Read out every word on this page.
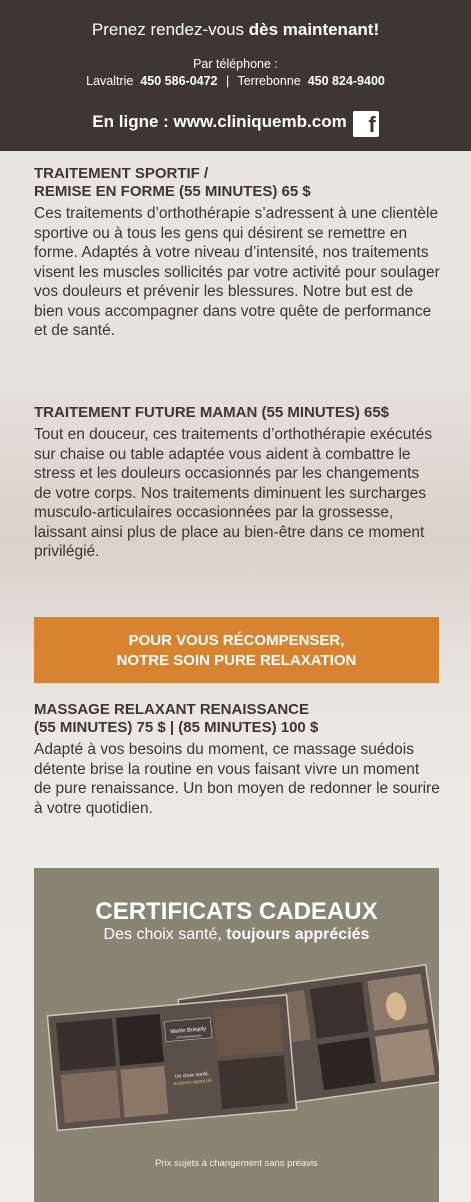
Prenez rendez-vous dès maintenant!
Par téléphone :
Lavaltrie 450 586-0472 | Terrebonne 450 824-9400
En ligne : www.cliniquemb.com f
TRAITEMENT SPORTIF /
REMISE EN FORME (55 MINUTES) 65 $

Ces traitements d’orthothérapie s’adressent à une clientèle sportive ou à tous les gens qui désirent se remettre en forme. Adaptés à votre niveau d’intensité, nos traitements visent les muscles sollicités par votre activité pour soulager vos douleurs et prévenir les blessures. Notre but est de bien vous accompagner dans votre quête de performance et de santé.

TRAITEMENT FUTURE MAMAN (55 MINUTES) 65$

Tout en douceur, ces traitements d’orthothérapie exécutés sur chaise ou table adaptée vous aident à combattre le stress et les douleurs occasionnés par les changements de votre corps. Nos traitements diminuent les surcharges musculo-articulaires occasionnées par la grossesse, laissant ainsi plus de place au bien-être dans ce moment privilégié.

POUR VOUS RÉCOMPENSER,
NOTRE SOIN PURE RELAXATION
MASSAGE RELAXANT RENAISSANCE
(55 MINUTES) 75 $ | (85 MINUTES) 100 $

Adapté à vos besoins du moment, ce massage suédois détente brise la routine en vous faisant vivre un moment de pure renaissance. Un bon moyen de redonner le sourire à votre quotidien.

CERTIFICATS CADEAUX
Des choix santé, toujours appréciés
Martin Boisjoly
orthothérapeute
Un choix santé,
toujours apprécié
Prix sujets à changement sans préavis
